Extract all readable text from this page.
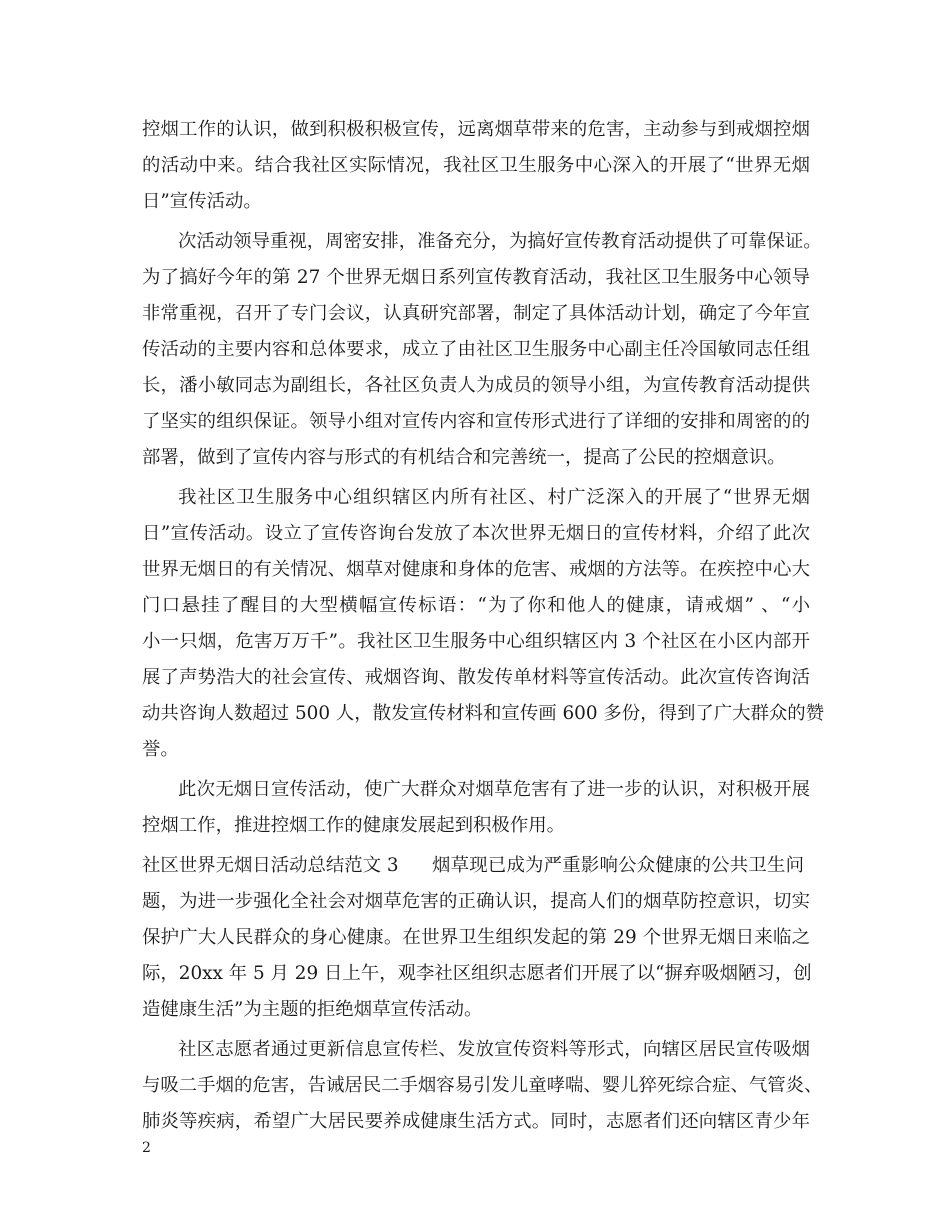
控烟工作的认识，做到积极积极宣传，远离烟草带来的危害，主动参与到戒烟控烟
的活动中来。结合我社区实际情况，我社区卫生服务中心深入的开展了“世界无烟
日”宣传活动。
次活动领导重视，周密安排，准备充分，为搞好宣传教育活动提供了可靠保证。
为了搞好今年的第 27 个世界无烟日系列宣传教育活动，我社区卫生服务中心领导
非常重视，召开了专门会议，认真研究部署，制定了具体活动计划，确定了今年宣
传活动的主要内容和总体要求，成立了由社区卫生服务中心副主任冷国敏同志任组
长，潘小敏同志为副组长，各社区负责人为成员的领导小组，为宣传教育活动提供
了坚实的组织保证。领导小组对宣传内容和宣传形式进行了详细的安排和周密的的
部署，做到了宣传内容与形式的有机结合和完善统一，提高了公民的控烟意识。
我社区卫生服务中心组织辖区内所有社区、村广泛深入的开展了“世界无烟
日”宣传活动。设立了宣传咨询台发放了本次世界无烟日的宣传材料，介绍了此次
世界无烟日的有关情况、烟草对健康和身体的危害、戒烟的方法等。在疾控中心大
门口悬挂了醒目的大型横幅宣传标语：“为了你和他人的健康，请戒烟” 、“小
小一只烟，危害万万千”。我社区卫生服务中心组织辖区内 3 个社区在小区内部开
展了声势浩大的社会宣传、戒烟咨询、散发传单材料等宣传活动。此次宣传咨询活
动共咨询人数超过 500 人，散发宣传材料和宣传画 600 多份，得到了广大群众的赞
誉。
此次无烟日宣传活动，使广大群众对烟草危害有了进一步的认识，对积极开展
控烟工作，推进控烟工作的健康发展起到积极作用。
社区世界无烟日活动总结范文 3 烟草现已成为严重影响公众健康的公共卫生问
题，为进一步强化全社会对烟草危害的正确认识，提高人们的烟草防控意识，切实
保护广大人民群众的身心健康。在世界卫生组织发起的第 29 个世界无烟日来临之
际，20xx 年 5 月 29 日上午，观李社区组织志愿者们开展了以“摒弃吸烟陋习，创
造健康生活”为主题的拒绝烟草宣传活动。
社区志愿者通过更新信息宣传栏、发放宣传资料等形式，向辖区居民宣传吸烟
与吸二手烟的危害，告诫居民二手烟容易引发儿童哮喘、婴儿猝死综合症、气管炎、
肺炎等疾病，希望广大居民要养成健康生活方式。同时，志愿者们还向辖区青少年
2
